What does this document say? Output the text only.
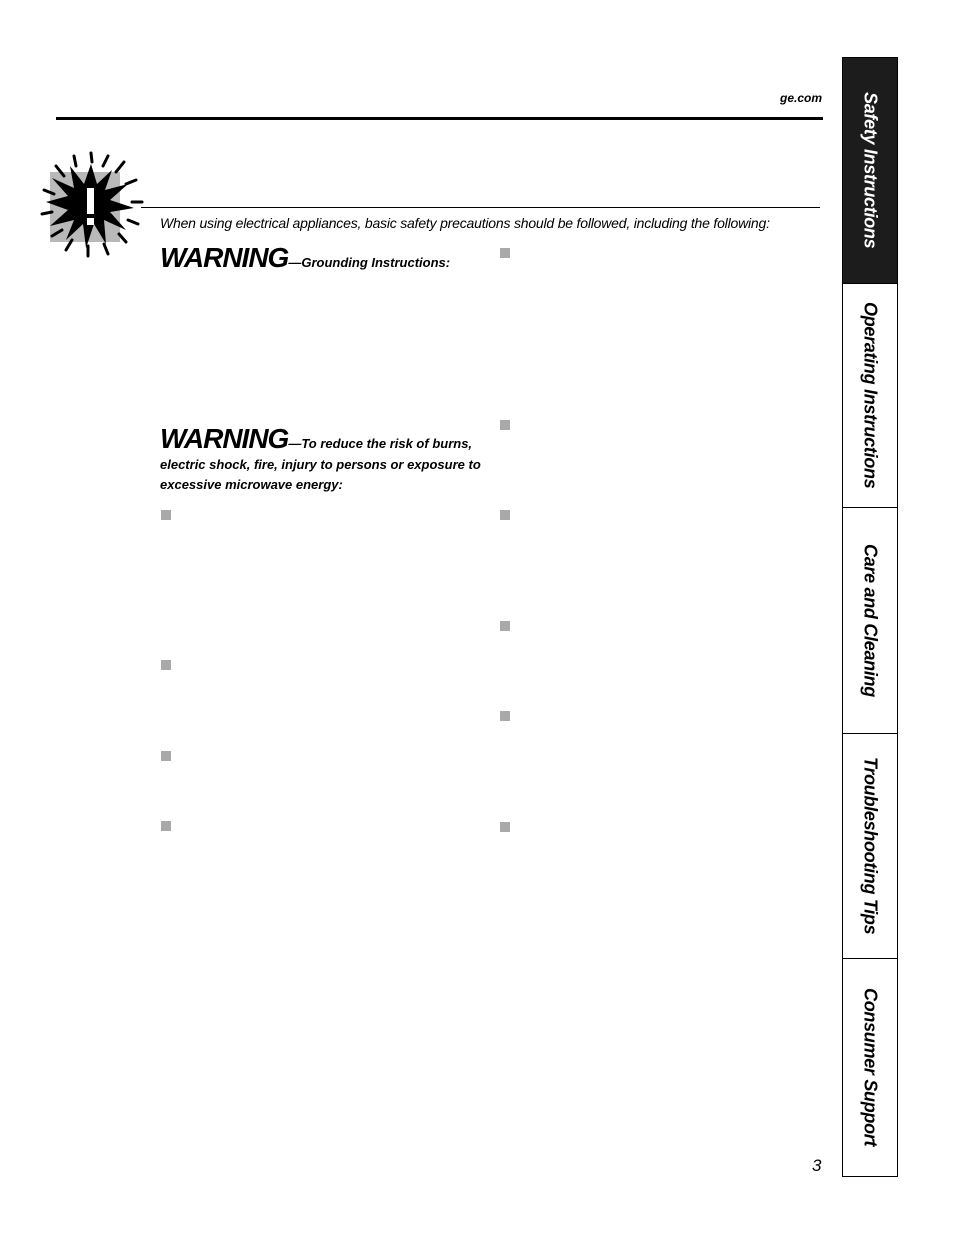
ge.com
When using electrical appliances, basic safety precautions should be followed, including the following:
WARNING—Grounding Instructions:
WARNING—To reduce the risk of burns, electric shock, fire, injury to persons or exposure to excessive microwave energy:
3
Safety Instructions
Operating Instructions
Care and Cleaning
Troubleshooting Tips
Consumer Support
